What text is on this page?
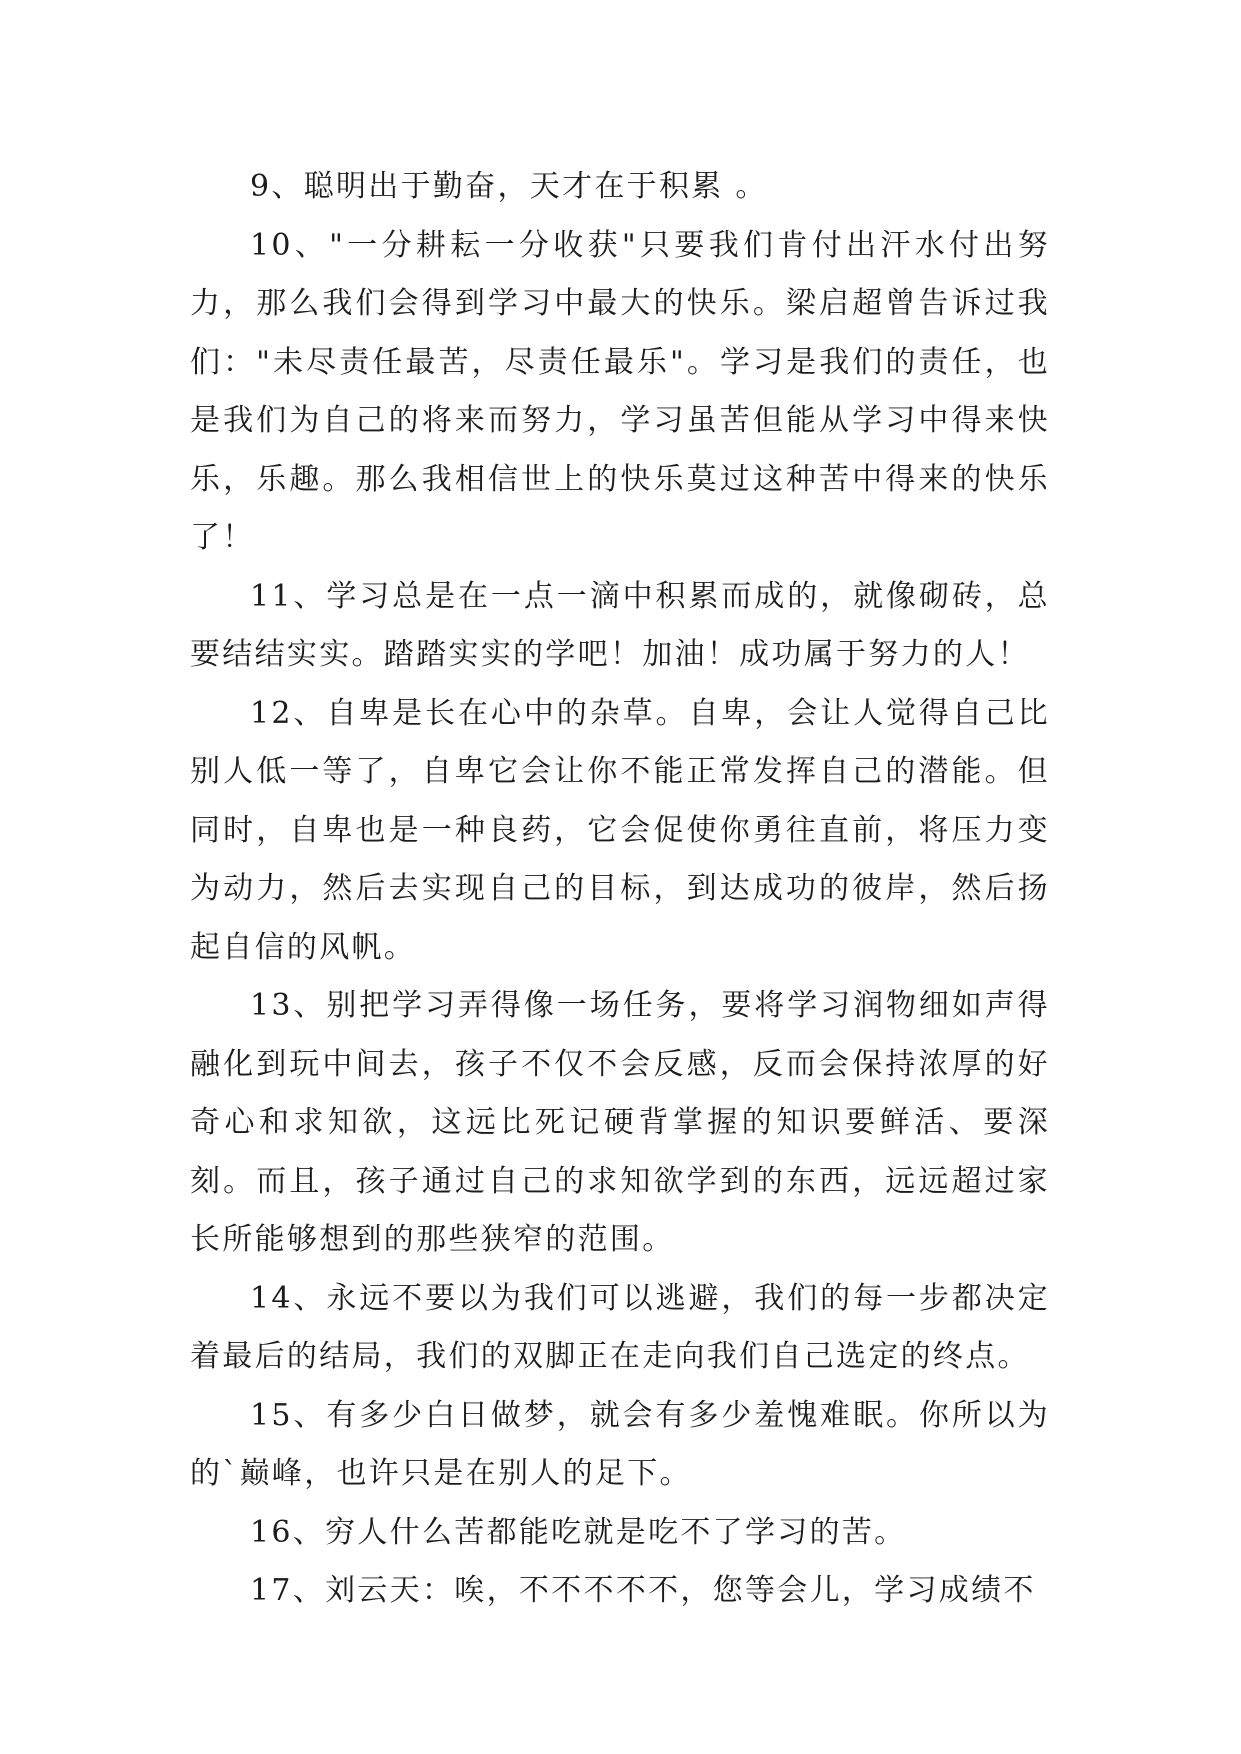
9、聪明出于勤奋，天才在于积累 。

10、"一分耕耘一分收获"只要我们肯付出汗水付出努力，那么我们会得到学习中最大的快乐。梁启超曾告诉过我们："未尽责任最苦，尽责任最乐"。学习是我们的责任，也是我们为自己的将来而努力，学习虽苦但能从学习中得来快乐，乐趣。那么我相信世上的快乐莫过这种苦中得来的快乐了！

11、学习总是在一点一滴中积累而成的，就像砌砖，总要结结实实。踏踏实实的学吧！加油！成功属于努力的人！

12、自卑是长在心中的杂草。自卑，会让人觉得自己比别人低一等了，自卑它会让你不能正常发挥自己的潜能。但同时，自卑也是一种良药，它会促使你勇往直前，将压力变为动力，然后去实现自己的目标，到达成功的彼岸，然后扬起自信的风帆。

13、别把学习弄得像一场任务，要将学习润物细如声得融化到玩中间去，孩子不仅不会反感，反而会保持浓厚的好奇心和求知欲，这远比死记硬背掌握的知识要鲜活、要深刻。而且，孩子通过自己的求知欲学到的东西，远远超过家长所能够想到的那些狭窄的范围。

14、永远不要以为我们可以逃避，我们的每一步都决定着最后的结局，我们的双脚正在走向我们自己选定的终点。

15、有多少白日做梦，就会有多少羞愧难眠。你所以为的`巅峰，也许只是在别人的足下。

16、穷人什么苦都能吃就是吃不了学习的苦。

17、刘云天：唉，不不不不不，您等会儿，学习成绩不
